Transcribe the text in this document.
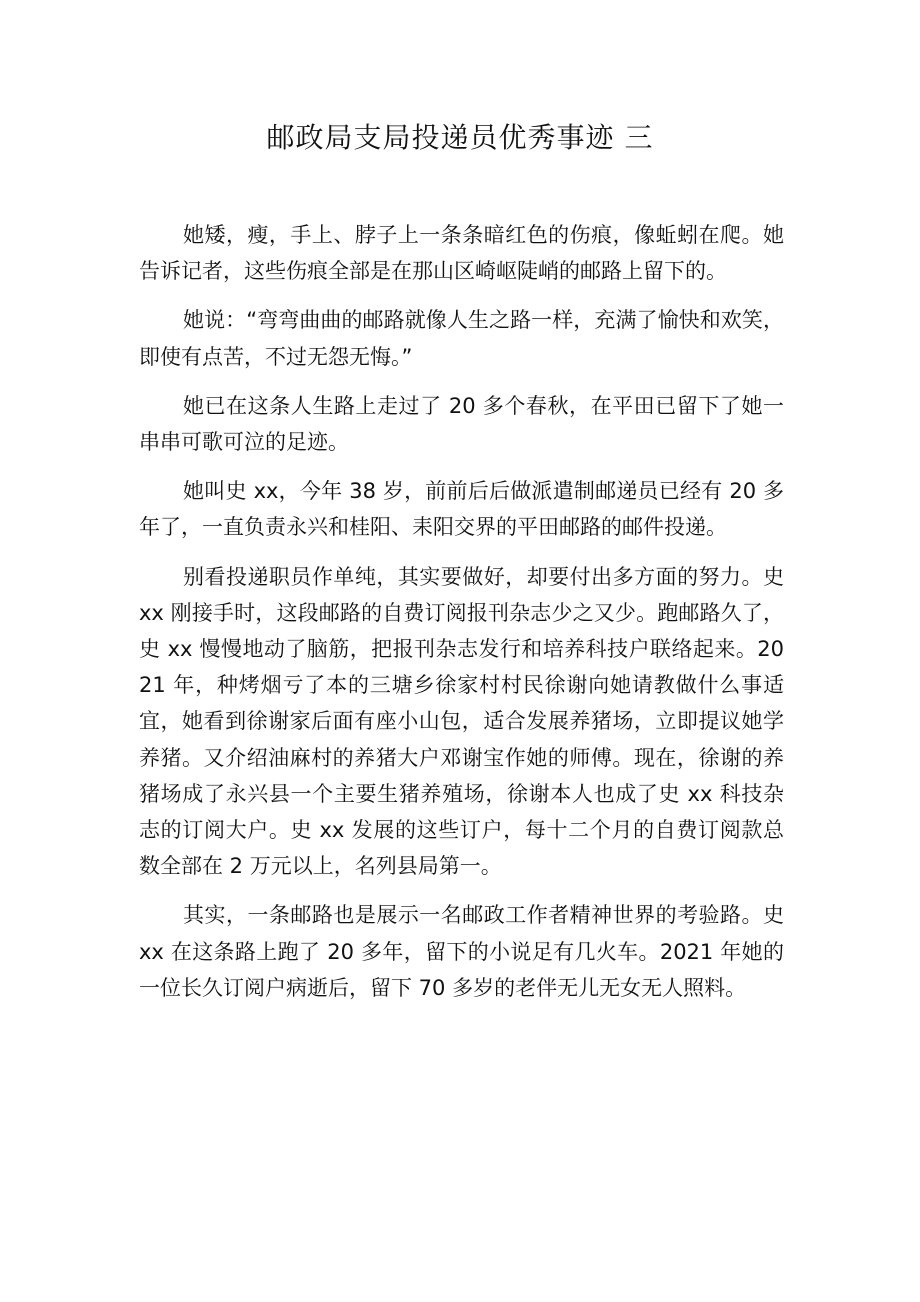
邮政局支局投递员优秀事迹 三

她矮，瘦，手上、脖子上一条条暗红色的伤痕，像蚯蚓在爬。她告诉记者，这些伤痕全部是在那山区崎岖陡峭的邮路上留下的。

她说：“弯弯曲曲的邮路就像人生之路一样，充满了愉快和欢笑，即使有点苦，不过无怨无悔。”

她已在这条人生路上走过了 20 多个春秋，在平田已留下了她一串串可歌可泣的足迹。

她叫史 xx，今年 38 岁，前前后后做派遣制邮递员已经有 20 多年了，一直负责永兴和桂阳、耒阳交界的平田邮路的邮件投递。

别看投递职员作单纯，其实要做好，却要付出多方面的努力。史 xx 刚接手时，这段邮路的自费订阅报刊杂志少之又少。跑邮路久了，史 xx 慢慢地动了脑筋，把报刊杂志发行和培养科技户联络起来。2021 年，种烤烟亏了本的三塘乡徐家村村民徐谢向她请教做什么事适宜，她看到徐谢家后面有座小山包，适合发展养猪场，立即提议她学养猪。又介绍油麻村的养猪大户邓谢宝作她的师傅。现在，徐谢的养猪场成了永兴县一个主要生猪养殖场，徐谢本人也成了史 xx 科技杂志的订阅大户。史 xx 发展的这些订户，每十二个月的自费订阅款总数全部在 2 万元以上，名列县局第一。

其实，一条邮路也是展示一名邮政工作者精神世界的考验路。史 xx 在这条路上跑了 20 多年，留下的小说足有几火车。2021 年她的一位长久订阅户病逝后，留下 70 多岁的老伴无儿无女无人照料。
